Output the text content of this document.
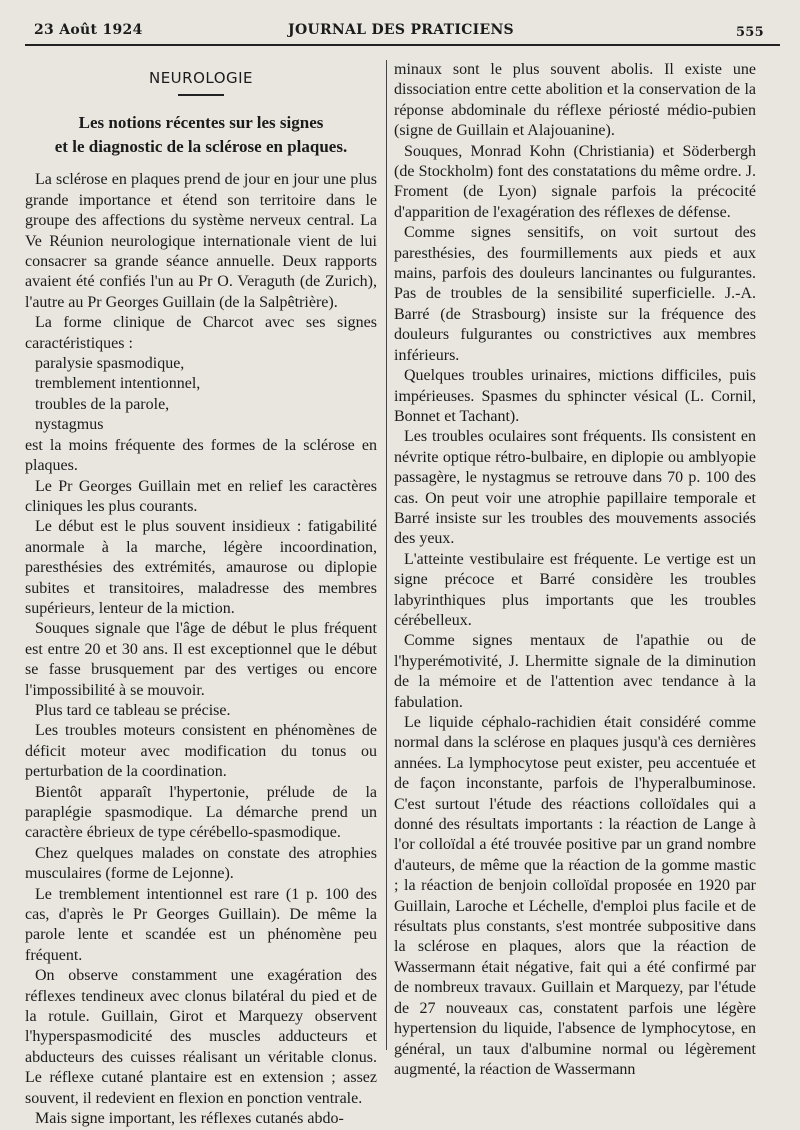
23 Août 1924	JOURNAL DES PRATICIENS	555
NEUROLOGIE
Les notions récentes sur les signes
et le diagnostic de la sclérose en plaques.

La sclérose en plaques prend de jour en jour une plus grande importance et étend son territoire dans le groupe des affections du système nerveux central. La Ve Réunion neurologique internationale vient de lui consacrer sa grande séance annuelle. Deux rapports avaient été confiés l'un au Pr O. Veraguth (de Zurich), l'autre au Pr Georges Guillain (de la Salpêtrière).

La forme clinique de Charcot avec ses signes caractéristiques :

paralysie spasmodique,
tremblement intentionnel,
troubles de la parole,
nystagmus

est la moins fréquente des formes de la sclérose en plaques.

Le Pr Georges Guillain met en relief les caractères cliniques les plus courants.

Le début est le plus souvent insidieux : fatigabilité anormale à la marche, légère incoordination, paresthésies des extrémités, amaurose ou diplopie subites et transitoires, maladresse des membres supérieurs, lenteur de la miction.

Souques signale que l'âge de début le plus fréquent est entre 20 et 30 ans. Il est exceptionnel que le début se fasse brusquement par des vertiges ou encore l'impossibilité à se mouvoir.

Plus tard ce tableau se précise.

Les troubles moteurs consistent en phénomènes de déficit moteur avec modification du tonus ou perturbation de la coordination.

Bientôt apparaît l'hypertonie, prélude de la paraplégie spasmodique. La démarche prend un caractère ébrieux de type cérébello-spasmodique.

Chez quelques malades on constate des atrophies musculaires (forme de Lejonne).

Le tremblement intentionnel est rare (1 p. 100 des cas, d'après le Pr Georges Guillain). De même la parole lente et scandée est un phénomène peu fréquent.

On observe constamment une exagération des réflexes tendineux avec clonus bilatéral du pied et de la rotule. Guillain, Girot et Marquezy observent l'hyperspasmodicité des muscles adducteurs et abducteurs des cuisses réalisant un véritable clonus. Le réflexe cutané plantaire est en extension ; assez souvent, il redevient en flexion en ponction ventrale.

Mais signe important, les réflexes cutanés abdo-

minaux sont le plus souvent abolis. Il existe une dissociation entre cette abolition et la conservation de la réponse abdominale du réflexe périosté médio-pubien (signe de Guillain et Alajouanine).

Souques, Monrad Kohn (Christiania) et Söderbergh (de Stockholm) font des constatations du même ordre. J. Froment (de Lyon) signale parfois la précocité d'apparition de l'exagération des réflexes de défense.

Comme signes sensitifs, on voit surtout des paresthésies, des fourmillements aux pieds et aux mains, parfois des douleurs lancinantes ou fulgurantes. Pas de troubles de la sensibilité superficielle. J.-A. Barré (de Strasbourg) insiste sur la fréquence des douleurs fulgurantes ou constrictives aux membres inférieurs.

Quelques troubles urinaires, mictions difficiles, puis impérieuses. Spasmes du sphincter vésical (L. Cornil, Bonnet et Tachant).

Les troubles oculaires sont fréquents. Ils consistent en névrite optique rétro-bulbaire, en diplopie ou amblyopie passagère, le nystagmus se retrouve dans 70 p. 100 des cas. On peut voir une atrophie papillaire temporale et Barré insiste sur les troubles des mouvements associés des yeux.

L'atteinte vestibulaire est fréquente. Le vertige est un signe précoce et Barré considère les troubles labyrinthiques plus importants que les troubles cérébelleux.

Comme signes mentaux de l'apathie ou de l'hyperémotivité, J. Lhermitte signale de la diminution de la mémoire et de l'attention avec tendance à la fabulation.

Le liquide céphalo-rachidien était considéré comme normal dans la sclérose en plaques jusqu'à ces dernières années. La lymphocytose peut exister, peu accentuée et de façon inconstante, parfois de l'hyperalbuminose. C'est surtout l'étude des réactions colloïdales qui a donné des résultats importants : la réaction de Lange à l'or colloïdal a été trouvée positive par un grand nombre d'auteurs, de même que la réaction de la gomme mastic ; la réaction de benjoin colloïdal proposée en 1920 par Guillain, Laroche et Léchelle, d'emploi plus facile et de résultats plus constants, s'est montrée subpositive dans la sclérose en plaques, alors que la réaction de Wassermann était négative, fait qui a été confirmé par de nombreux travaux. Guillain et Marquezy, par l'étude de 27 nouveaux cas, constatent parfois une légère hypertension du liquide, l'absence de lymphocytose, en général, un taux d'albumine normal ou légèrement augmenté, la réaction de Wassermann
